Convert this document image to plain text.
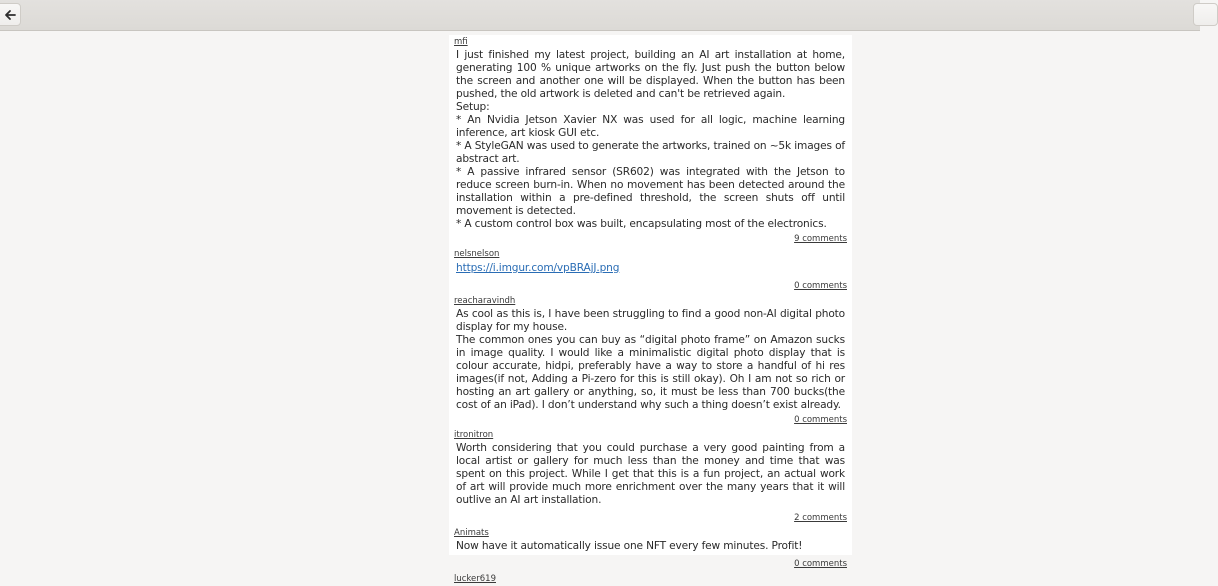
mfi

I just finished my latest project, building an AI art installation at home, generating 100 % unique artworks on the fly. Just push the button below the screen and another one will be displayed. When the button has been pushed, the old artwork is deleted and can't be retrieved again.

Setup:

* An Nvidia Jetson Xavier NX was used for all logic, machine learning inference, art kiosk GUI etc.

* A StyleGAN was used to generate the artworks, trained on ~5k images of abstract art.

* A passive infrared sensor (SR602) was integrated with the Jetson to reduce screen burn-in. When no movement has been detected around the installation within a pre-defined threshold, the screen shuts off until movement is detected.

* A custom control box was built, encapsulating most of the electronics.

9 comments
nelsnelson
https://i.imgur.com/vpBRAjJ.png
0 comments
reacharavindh

As cool as this is, I have been struggling to find a good non-AI digital photo display for my house.

The common ones you can buy as “digital photo frame” on Amazon sucks in image quality. I would like a minimalistic digital photo display that is colour accurate, hidpi, preferably have a way to store a handful of hi res images(if not, Adding a Pi-zero for this is still okay). Oh I am not so rich or hosting an art gallery or anything, so, it must be less than 700 bucks(the cost of an iPad). I don’t understand why such a thing doesn’t exist already.

0 comments
itronitron

Worth considering that you could purchase a very good painting from a local artist or gallery for much less than the money and time that was spent on this project. While I get that this is a fun project, an actual work of art will provide much more enrichment over the many years that it will outlive an AI art installation.

2 comments
Animats

Now have it automatically issue one NFT every few minutes. Profit!

0 comments
lucker619
